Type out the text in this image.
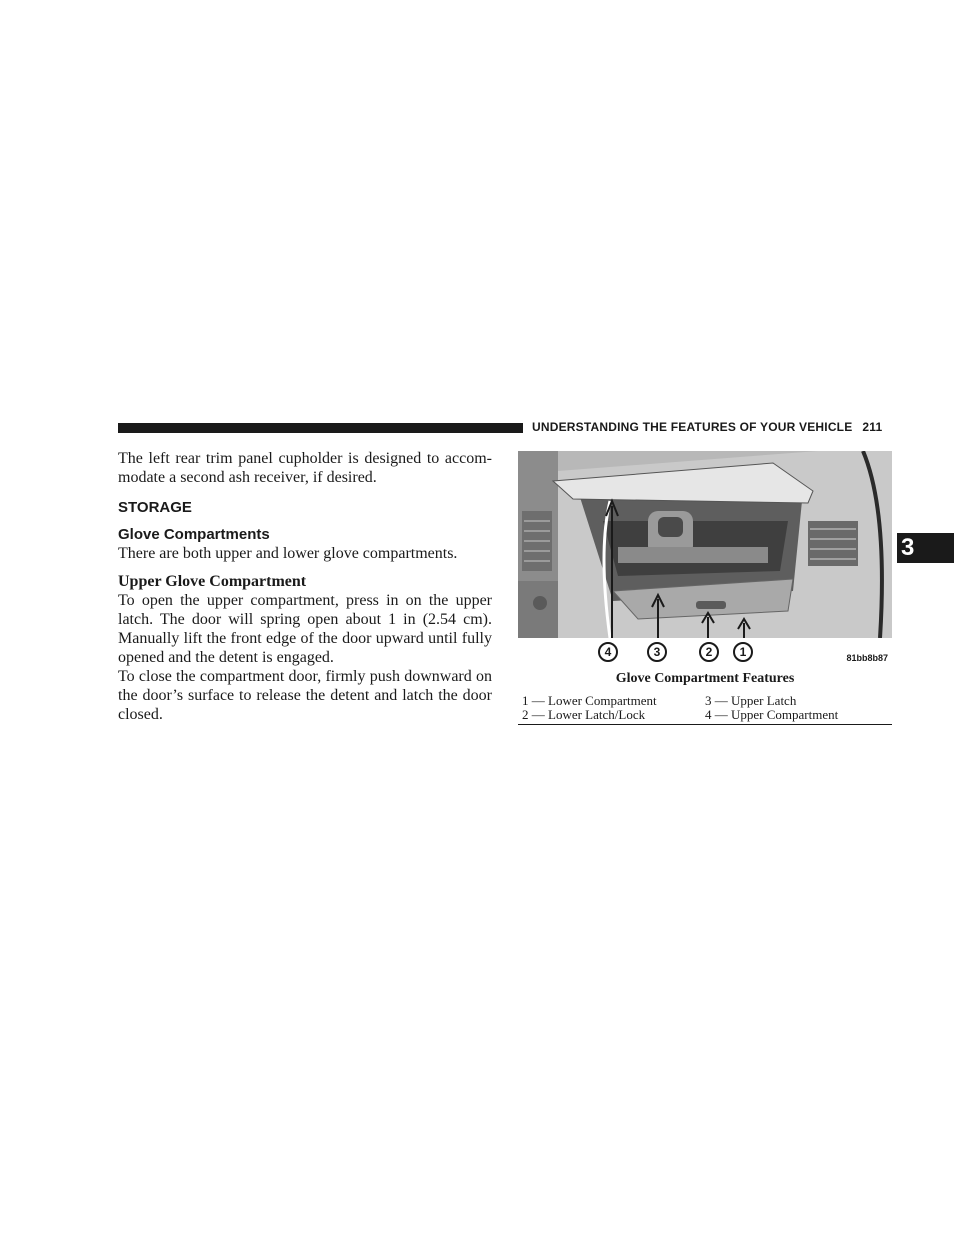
UNDERSTANDING THE FEATURES OF YOUR VEHICLE 211
3

The left rear trim panel cupholder is designed to accom-modate a second ash receiver, if desired.

STORAGE
Glove Compartments

There are both upper and lower glove compartments.

Upper Glove Compartment

To open the upper compartment, press in on the upper latch. The door will spring open about 1 in (2.54 cm). Manually lift the front edge of the door upward until fully opened and the detent is engaged.

To close the compartment door, firmly push downward on the door’s surface to release the detent and latch the door closed.

4	3	2	1	81bb8b87
Glove Compartment Features
1 — Lower Compartment	3 — Upper Latch
2 — Lower Latch/Lock	4 — Upper Compartment
